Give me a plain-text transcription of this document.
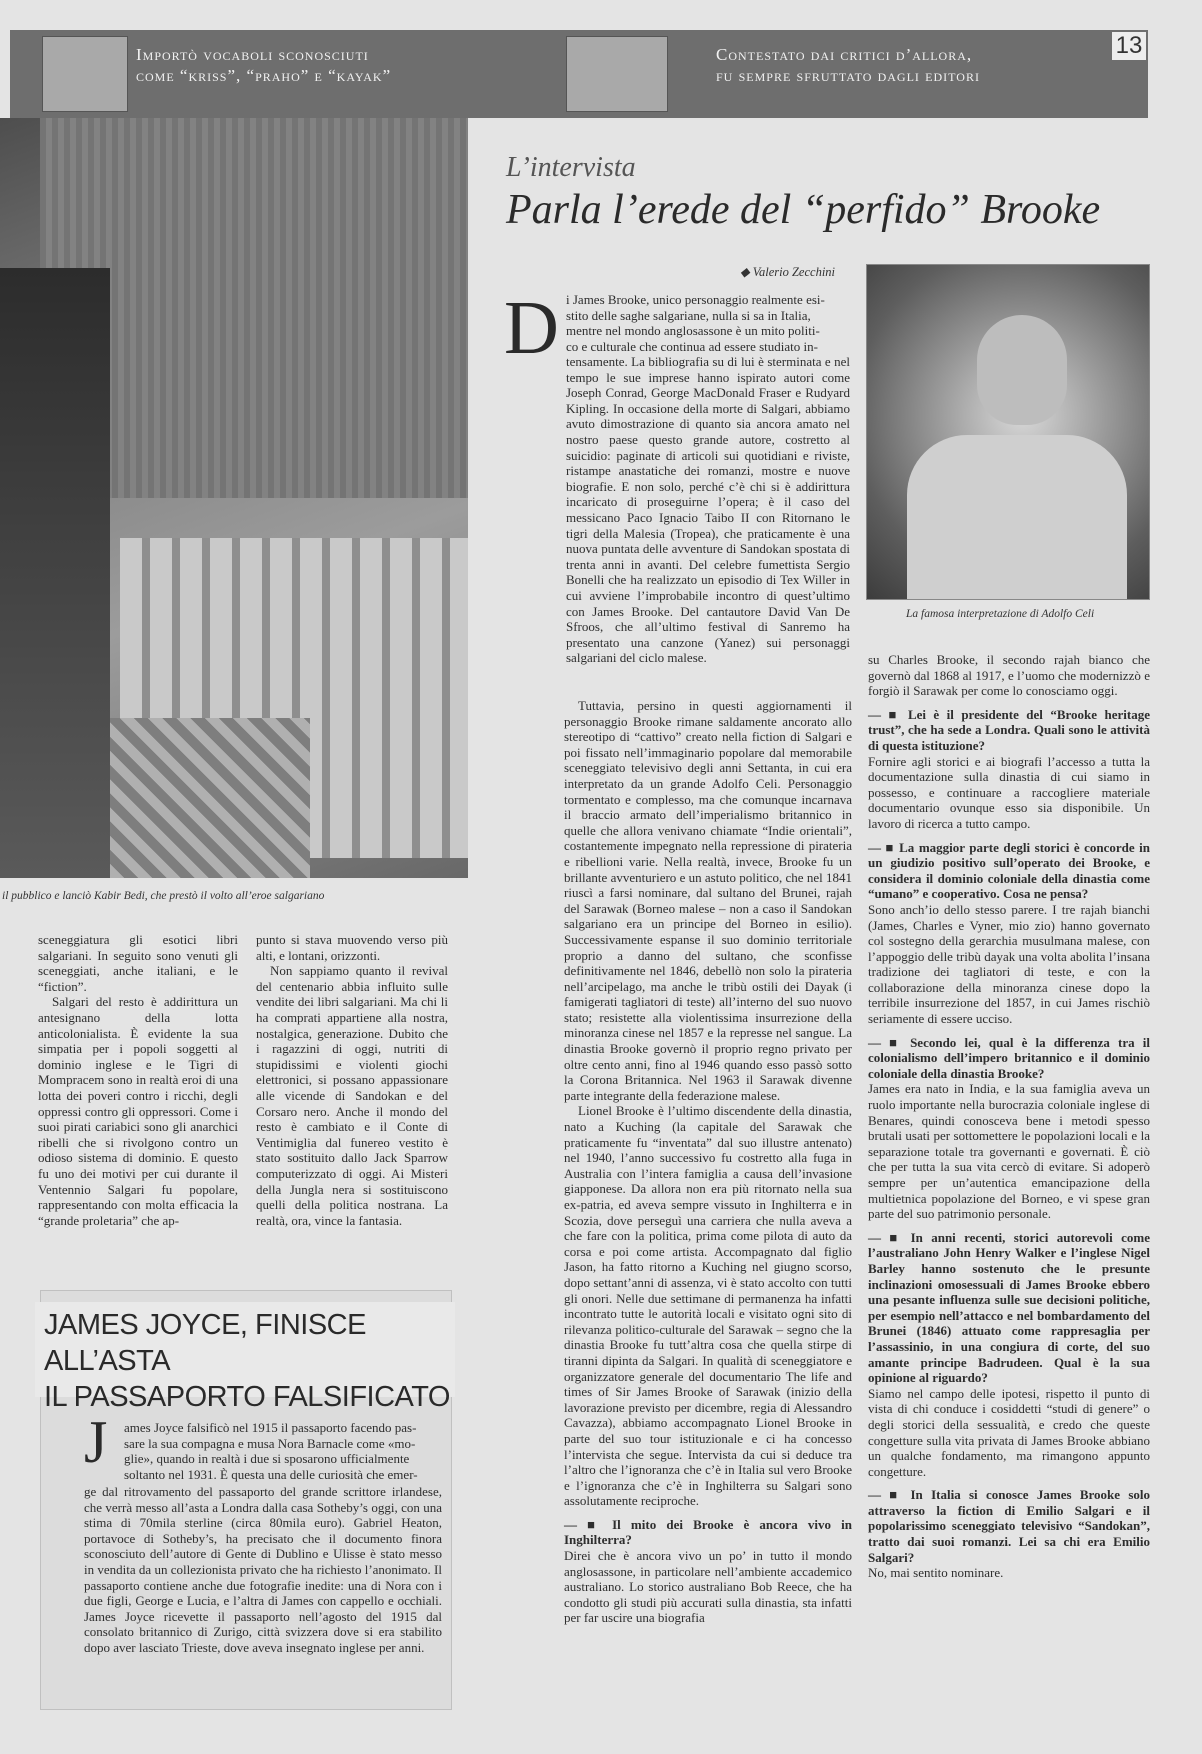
Importò vocaboli sconosciuti
come “kriss”, “praho” e “kayak”
Contestato dai critici d’allora,
fu sempre sfruttato dagli editori
13
il pubblico e lanciò Kabir Bedi, che prestò il volto all’eroe salgariano

sceneggiatura gli esotici libri salgariani. In seguito sono venuti gli sceneggiati, anche italiani, e le “fiction”.

Salgari del resto è addirittura un antesignano della lotta anticolonialista. È evidente la sua simpatia per i popoli soggetti al dominio inglese e le Tigri di Mompracem sono in realtà eroi di una lotta dei poveri contro i ricchi, degli oppressi contro gli oppressori. Come i suoi pirati cariabici sono gli anarchici ribelli che si rivolgono contro un odioso sistema di dominio. E questo fu uno dei motivi per cui durante il Ventennio Salgari fu popolare, rappresentando con molta efficacia la “grande proletaria” che ap-

punto si stava muovendo verso più alti, e lontani, orizzonti.

Non sappiamo quanto il revival del centenario abbia influito sulle vendite dei libri salgariani. Ma chi li ha comprati appartiene alla nostra, nostalgica, generazione. Dubito che i ragazzini di oggi, nutriti di stupidissimi e violenti giochi elettronici, si possano appassionare alle vicende di Sandokan e del Corsaro nero. Anche il mondo del resto è cambiato e il Conte di Ventimiglia dal funereo vestito è stato sostituito dallo Jack Sparrow computerizzato di oggi. Ai Misteri della Jungla nera si sostituiscono quelli della politica nostrana. La realtà, ora, vince la fantasia.

JAMES JOYCE, FINISCE ALL’ASTA
IL PASSAPORTO FALSIFICATO
J ames Joyce falsificò nel 1915 il passaporto facendo pas-
sare la sua compagna e musa Nora Barnacle come «mo-
glie», quando in realtà i due si sposarono ufficialmente
soltanto nel 1931. È questa una delle curiosità che emer-

ge dal ritrovamento del passaporto del grande scrittore irlandese, che verrà messo all’asta a Londra dalla casa Sotheby’s oggi, con una stima di 70mila sterline (circa 80mila euro). Gabriel Heaton, portavoce di Sotheby’s, ha precisato che il documento finora sconosciuto dell’autore di Gente di Dublino e Ulisse è stato messo in vendita da un collezionista privato che ha richiesto l’anonimato. Il passaporto contiene anche due fotografie inedite: una di Nora con i due figli, George e Lucia, e l’altra di James con cappello e occhiali. James Joyce ricevette il passaporto nell’agosto del 1915 dal consolato britannico di Zurigo, città svizzera dove si era stabilito dopo aver lasciato Trieste, dove aveva insegnato inglese per anni.

L’intervista
Parla l’erede del “perfido” Brooke
◆ Valerio Zecchini
La famosa interpretazione di Adolfo Celi
D i James Brooke, unico personaggio realmente esi-
stito delle saghe salgariane, nulla si sa in Italia,
mentre nel mondo anglosassone è un mito politi-
co e culturale che continua ad essere studiato in-

tensamente. La bibliografia su di lui è sterminata e nel tempo le sue imprese hanno ispirato autori come Joseph Conrad, George MacDonald Fraser e Rudyard Kipling. In occasione della morte di Salgari, abbiamo avuto dimostrazione di quanto sia ancora amato nel nostro paese questo grande autore, costretto al suicidio: paginate di articoli sui quotidiani e riviste, ristampe anastatiche dei romanzi, mostre e nuove biografie. E non solo, perché c’è chi si è addirittura incaricato di proseguirne l’opera; è il caso del messicano Paco Ignacio Taibo II con Ritornano le tigri della Malesia (Tropea), che praticamente è una nuova puntata delle avventure di Sandokan spostata di trenta anni in avanti. Del celebre fumettista Sergio Bonelli che ha realizzato un episodio di Tex Willer in cui avviene l’improbabile incontro di quest’ultimo con James Brooke. Del cantautore David Van De Sfroos, che all’ultimo festival di Sanremo ha presentato una canzone (Yanez) sui personaggi salgariani del ciclo malese.

Tuttavia, persino in questi aggiornamenti il personaggio Brooke rimane saldamente ancorato allo stereotipo di “cattivo” creato nella fiction di Salgari e poi fissato nell’immaginario popolare dal memorabile sceneggiato televisivo degli anni Settanta, in cui era interpretato da un grande Adolfo Celi. Personaggio tormentato e complesso, ma che comunque incarnava il braccio armato dell’imperialismo britannico in quelle che allora venivano chiamate “Indie orientali”, costantemente impegnato nella repressione di pirateria e ribellioni varie. Nella realtà, invece, Brooke fu un brillante avventuriero e un astuto politico, che nel 1841 riuscì a farsi nominare, dal sultano del Brunei, rajah del Sarawak (Borneo malese – non a caso il Sandokan salgariano era un principe del Borneo in esilio). Successivamente espanse il suo dominio territoriale proprio a danno del sultano, che sconfisse definitivamente nel 1846, debellò non solo la pirateria nell’arcipelago, ma anche le tribù ostili dei Dayak (i famigerati tagliatori di teste) all’interno del suo nuovo stato; resistette alla violentissima insurrezione della minoranza cinese nel 1857 e la represse nel sangue. La dinastia Brooke governò il proprio regno privato per oltre cento anni, fino al 1946 quando esso passò sotto la Corona Britannica. Nel 1963 il Sarawak divenne parte integrante della federazione malese.

Lionel Brooke è l’ultimo discendente della dinastia, nato a Kuching (la capitale del Sarawak che praticamente fu “inventata” dal suo illustre antenato) nel 1940, l’anno successivo fu costretto alla fuga in Australia con l’intera famiglia a causa dell’invasione giapponese. Da allora non era più ritornato nella sua ex-patria, ed aveva sempre vissuto in Inghilterra e in Scozia, dove perseguì una carriera che nulla aveva a che fare con la politica, prima come pilota di auto da corsa e poi come artista. Accompagnato dal figlio Jason, ha fatto ritorno a Kuching nel giugno scorso, dopo settant’anni di assenza, vi è stato accolto con tutti gli onori. Nelle due settimane di permanenza ha infatti incontrato tutte le autorità locali e visitato ogni sito di rilevanza politico-culturale del Sarawak – segno che la dinastia Brooke fu tutt’altra cosa che quella stirpe di tiranni dipinta da Salgari. In qualità di sceneggiatore e organizzatore generale del documentario The life and times of Sir James Brooke of Sarawak (inizio della lavorazione previsto per dicembre, regia di Alessandro Cavazza), abbiamo accompagnato Lionel Brooke in parte del suo tour istituzionale e ci ha concesso l’intervista che segue. Intervista da cui si deduce tra l’altro che l’ignoranza che c’è in Italia sul vero Brooke e l’ignoranza che c’è in Inghilterra su Salgari sono assolutamente reciproche.

— ■ Il mito dei Brooke è ancora vivo in Inghilterra?

Direi che è ancora vivo un po’ in tutto il mondo anglosassone, in particolare nell’ambiente accademico australiano. Lo storico australiano Bob Reece, che ha condotto gli studi più accurati sulla dinastia, sta infatti per far uscire una biografia

su Charles Brooke, il secondo rajah bianco che governò dal 1868 al 1917, e l’uomo che modernizzò e forgiò il Sarawak per come lo conosciamo oggi.

— ■ Lei è il presidente del “Brooke heritage trust”, che ha sede a Londra. Quali sono le attività di questa istituzione?

Fornire agli storici e ai biografi l’accesso a tutta la documentazione sulla dinastia di cui siamo in possesso, e continuare a raccogliere materiale documentario ovunque esso sia disponibile. Un lavoro di ricerca a tutto campo.

— ■ La maggior parte degli storici è concorde in un giudizio positivo sull’operato dei Brooke, e considera il dominio coloniale della dinastia come “umano” e cooperativo. Cosa ne pensa?

Sono anch’io dello stesso parere. I tre rajah bianchi (James, Charles e Vyner, mio zio) hanno governato col sostegno della gerarchia musulmana malese, con l’appoggio delle tribù dayak una volta abolita l’insana tradizione dei tagliatori di teste, e con la collaborazione della minoranza cinese dopo la terribile insurrezione del 1857, in cui James rischiò seriamente di essere ucciso.

— ■ Secondo lei, qual è la differenza tra il colonialismo dell’impero britannico e il dominio coloniale della dinastia Brooke?

James era nato in India, e la sua famiglia aveva un ruolo importante nella burocrazia coloniale inglese di Benares, quindi conosceva bene i metodi spesso brutali usati per sottomettere le popolazioni locali e la separazione totale tra governanti e governati. È ciò che per tutta la sua vita cercò di evitare. Si adoperò sempre per un’autentica emancipazione della multietnica popolazione del Borneo, e vi spese gran parte del suo patrimonio personale.

— ■ In anni recenti, storici autorevoli come l’australiano John Henry Walker e l’inglese Nigel Barley hanno sostenuto che le presunte inclinazioni omosessuali di James Brooke ebbero una pesante influenza sulle sue decisioni politiche, per esempio nell’attacco e nel bombardamento del Brunei (1846) attuato come rappresaglia per l’assassinio, in una congiura di corte, del suo amante principe Badrudeen. Qual è la sua opinione al riguardo?

Siamo nel campo delle ipotesi, rispetto il punto di vista di chi conduce i cosiddetti “studi di genere” o degli storici della sessualità, e credo che queste congetture sulla vita privata di James Brooke abbiano un qualche fondamento, ma rimangono appunto congetture.

— ■ In Italia si conosce James Brooke solo attraverso la fiction di Emilio Salgari e il popolarissimo sceneggiato televisivo “Sandokan”, tratto dai suoi romanzi. Lei sa chi era Emilio Salgari?

No, mai sentito nominare.
